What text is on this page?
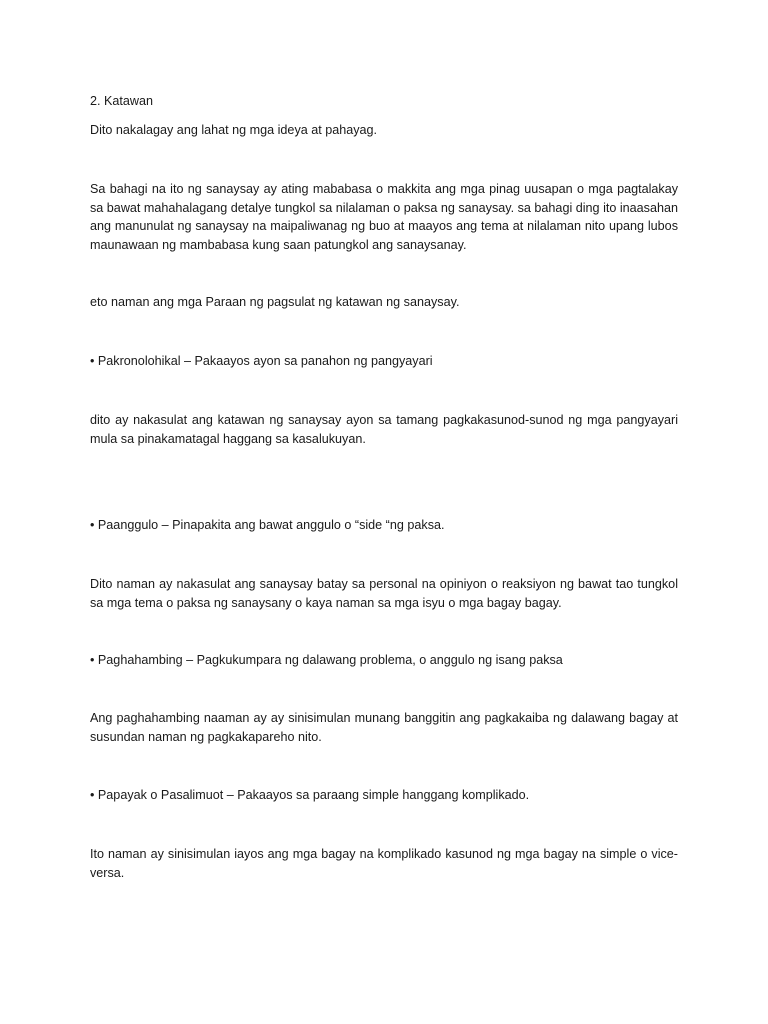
2. Katawan

Dito nakalagay ang lahat ng mga ideya at pahayag.

Sa bahagi na ito ng sanaysay ay ating mababasa o makkita ang mga pinag uusapan o mga pagtalakay sa bawat mahahalagang detalye tungkol sa nilalaman o paksa ng sanaysay. sa bahagi ding ito inaasahan ang manunulat ng sanaysay na maipaliwanag ng buo at maayos ang tema at nilalaman nito upang lubos maunawaan ng mambabasa kung saan patungkol ang sanaysanay.

eto naman ang mga Paraan ng pagsulat ng katawan ng sanaysay.

• Pakronolohikal – Pakaayos ayon sa panahon ng pangyayari

dito ay nakasulat ang katawan ng sanaysay ayon sa tamang pagkakasunod-sunod ng mga pangyayari mula sa pinakamatagal haggang sa kasalukuyan.

• Paanggulo – Pinapakita ang bawat anggulo o “side “ng paksa.

Dito naman ay nakasulat ang sanaysay batay sa personal na opiniyon o reaksiyon ng bawat tao tungkol sa mga tema o paksa ng sanaysany o kaya naman sa mga isyu o mga bagay bagay.

• Paghahambing – Pagkukumpara ng dalawang problema, o anggulo ng isang paksa

Ang paghahambing naaman ay ay sinisimulan munang banggitin ang pagkakaiba ng dalawang bagay at susundan naman ng pagkakapareho nito.

• Papayak o Pasalimuot – Pakaayos sa paraang simple hanggang komplikado.

Ito naman ay sinisimulan iayos ang mga bagay na komplikado kasunod ng mga bagay na simple o vice-versa.
